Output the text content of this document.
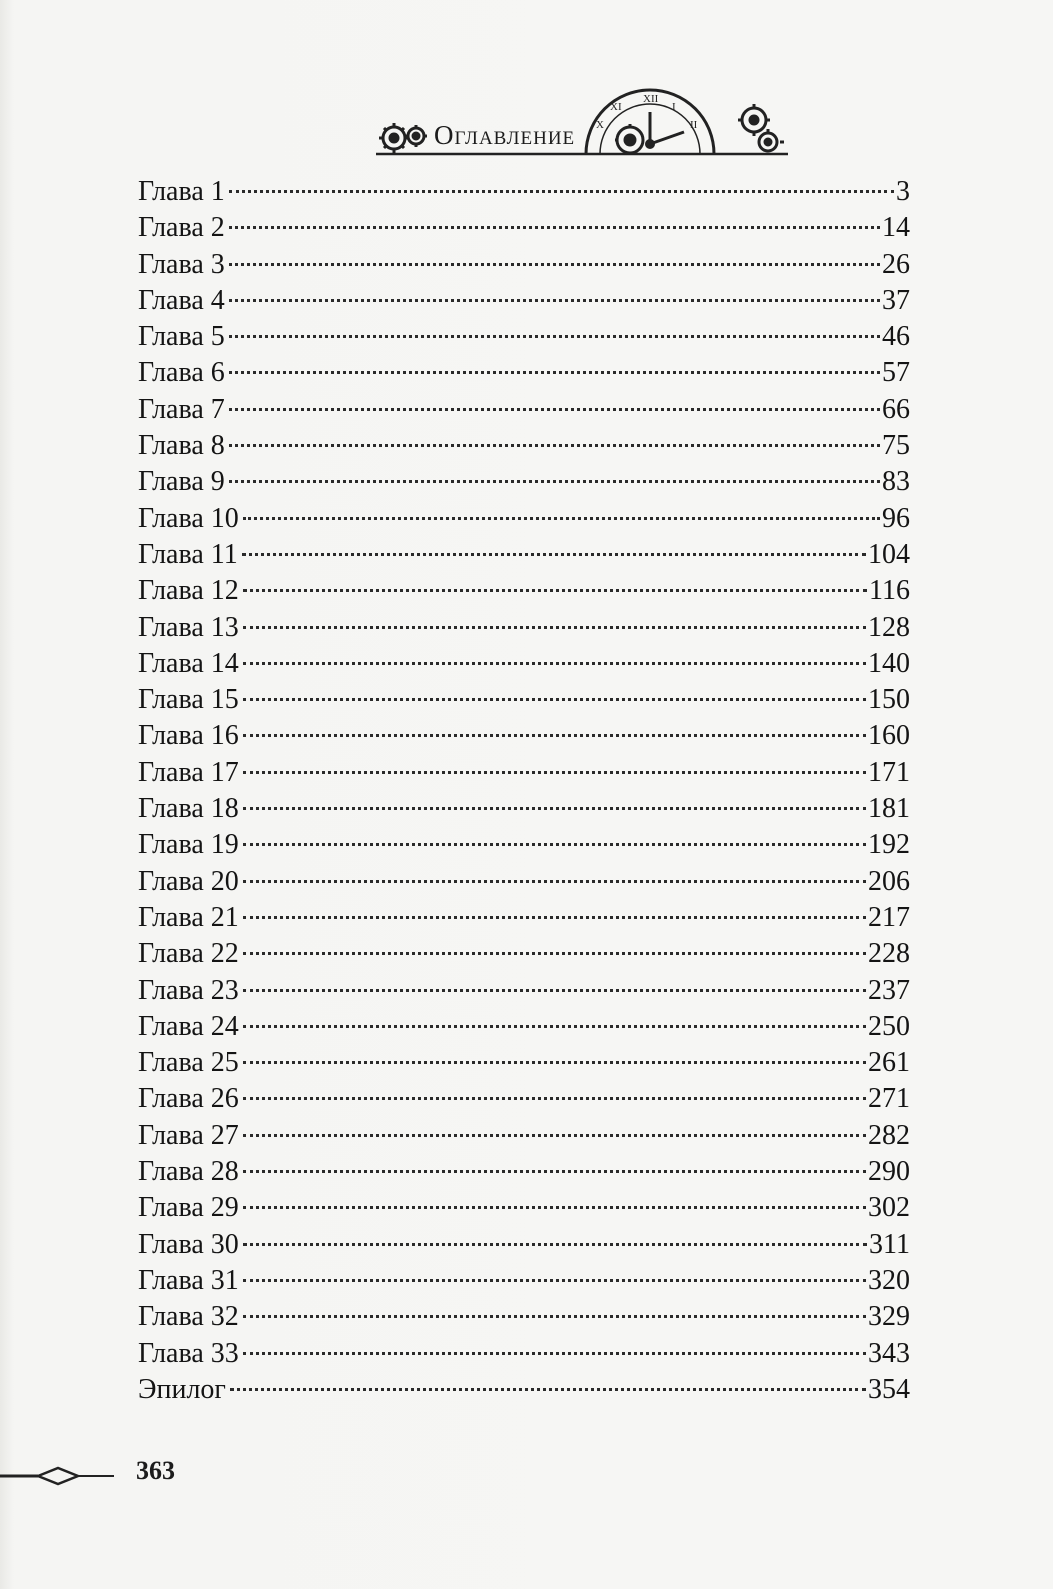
XII
I
II
XI
X
Оглавление
Глава 1	3
Глава 2	14
Глава 3	26
Глава 4	37
Глава 5	46
Глава 6	57
Глава 7	66
Глава 8	75
Глава 9	83
Глава 10	96
Глава 11	104
Глава 12	116
Глава 13	128
Глава 14	140
Глава 15	150
Глава 16	160
Глава 17	171
Глава 18	181
Глава 19	192
Глава 20	206
Глава 21	217
Глава 22	228
Глава 23	237
Глава 24	250
Глава 25	261
Глава 26	271
Глава 27	282
Глава 28	290
Глава 29	302
Глава 30	311
Глава 31	320
Глава 32	329
Глава 33	343
Эпилог	354
363
